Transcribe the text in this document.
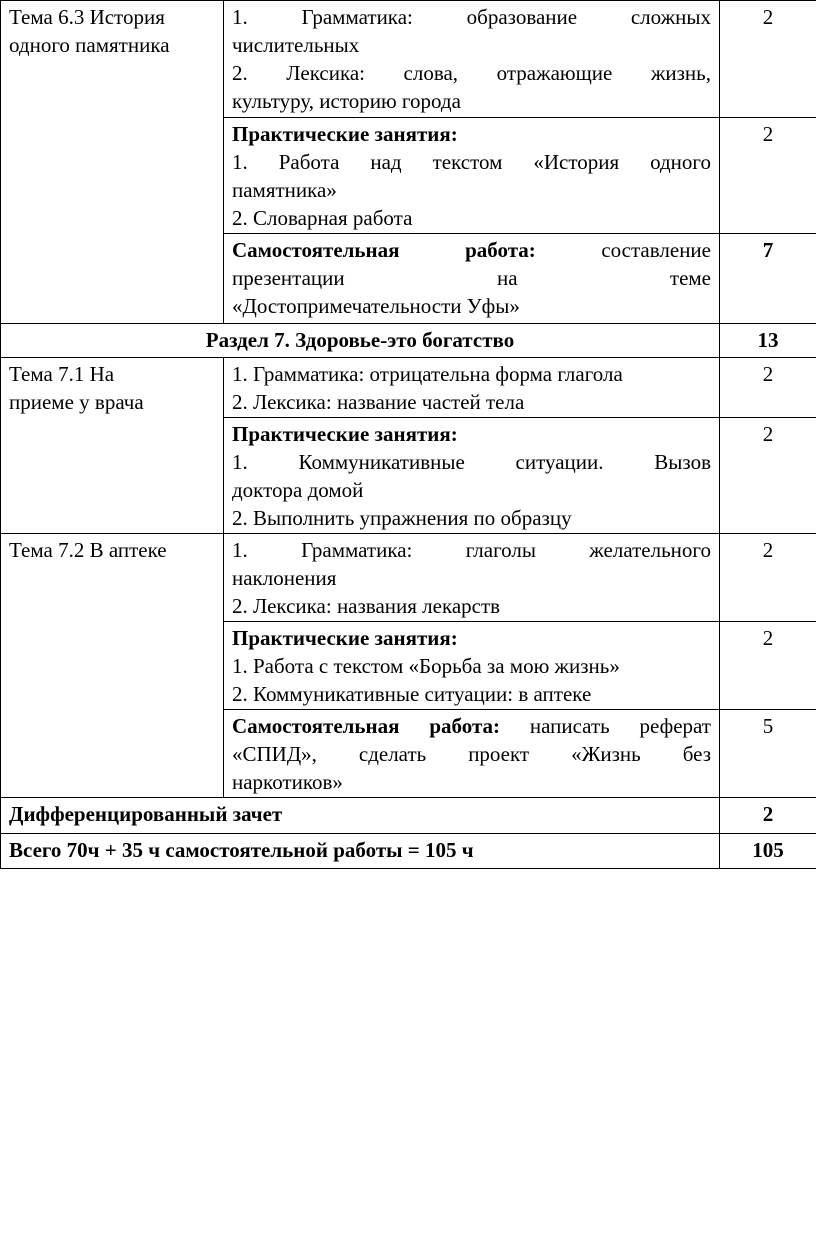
Тема 6.3 История
одного памятника	1. Грамматика: образование сложных
числительных
2. Лексика: слова, отражающие жизнь,
культуру, историю города	2

	Практические занятия:
1. Работа над текстом «История одного
памятника»
2. Словарная работа	2

	Самостоятельная работа: составление
презентации на теме
«Достопримечательности Уфы»	7
Раздел 7. Здоровье-это богатство		13

Тема 7.1 На
приеме у врача	1. Грамматика: отрицательна форма глагола
2. Лексика: название частей тела	2

	Практические занятия:
1. Коммуникативные ситуации. Вызов
доктора домой
2. Выполнить упражнения по образцу	2

Тема 7.2 В аптеке	1. Грамматика: глаголы желательного
наклонения
2. Лексика: названия лекарств	2

	Практические занятия:
1. Работа с текстом «Борьба за мою жизнь»
2. Коммуникативные ситуации: в аптеке	2

	Самостоятельная работа: написать реферат
«СПИД», сделать проект «Жизнь без
наркотиков»	5
Дифференцированный зачет		2
Всего 70ч + 35 ч самостоятельной работы = 105 ч		105
